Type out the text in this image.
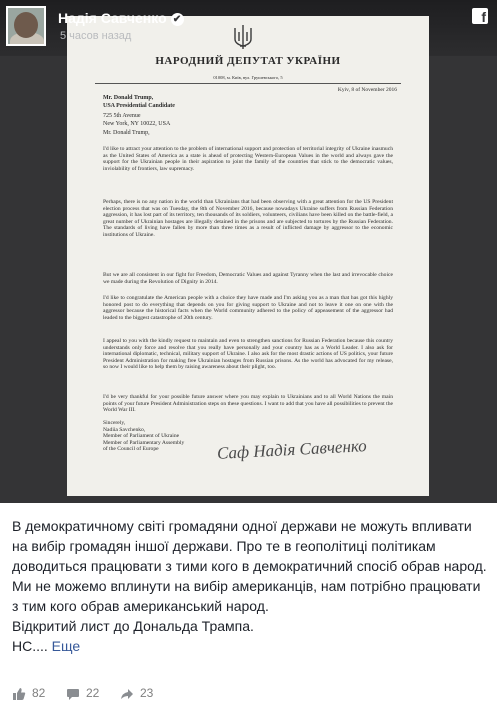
НАРОДНИЙ ДЕПУТАТ УКРАЇНИ
01008, м. Київ, вул. Грушевського, 5
Kyiv, 8 of November 2016
Mr. Donald Trump,
USA Presidential Candidate
725 5th Avenue
New York, NY 10022, USA
Mr. Donald Trump,
I'd like to attract your attention to the problem of international support and protection of territorial integrity of Ukraine inasmuch as the United States of America as a state is ahead of protecting Western-European Values in the world and always gave the support for the Ukrainian people in their aspiration to joint the family of the countries that stick to the democratic values, inviolability of frontiers, law supremacy.
Perhaps, there is no any nation in the world than Ukrainians that had been observing with a great attention for the US President election process that was on Tuesday, the 8th of November 2016, because nowadays Ukraine suffers from Russian Federation aggression, it has lost part of its territory, ten thousands of its soldiers, volunteers, civilians have been killed on the battle-field, a great number of Ukrainian hostages are illegally detained in the prisons and are subjected to tortures by the Russian Federation. The standards of living have fallen by more than three times as a result of inflicted damage by aggressor to the economic institutions of Ukraine.
But we are all consistent in our fight for Freedom, Democratic Values and against Tyranny when the last and irrevocable choice we made during the Revolution of Dignity in 2014.
I'd like to congratulate the American people with a choice they have made and I'm asking you as a man that has got this highly honored post to do everything that depends on you for giving support to Ukraine and not to leave it one on one with the aggressor because the historical facts when the World community adhered to the policy of appeasement of the aggressor had leaded to the biggest catastrophe of 20th century.
I appeal to you with the kindly request to maintain and even to strengthen sanctions for Russian Federation because this country understands only force and resolve that you really have personally and your country has as a World Leader. I also ask for international diplomatic, technical, military support of Ukraine. I also ask for the most drastic actions of US politics, your future President Administration for making free Ukrainian hostages from Russian prisons. As the world has advocated for my release, so now I would like to help them by raising awareness about their plight, too.
I'd be very thankful for your possible future answer where you may explain to Ukrainians and to all World Nations the main points of your future President Administration steps on these questions. I want to add that you have all possibilities to prevent the World War III.
Sincerely,
Nadiia Savchenko,
Member of Parliament of Ukraine
Member of Parliamentary Assembly
of the Council of Europe	Саф Надія Савченко
Надія Савченко ✔
5 часов назад
f

В демократичному світі громадяни одної держави не можуть впливати на вибір громадян іншої держави. Про те в геополітиці політикам доводиться працювати з тими кого в демократичний спосіб обрав народ.

Ми не можемо вплинути на вибір американців, нам потрібно працювати з тим кого обрав американський народ.

Відкритий лист до Дональда Трампа.

НС.... Еще

82	22	23
